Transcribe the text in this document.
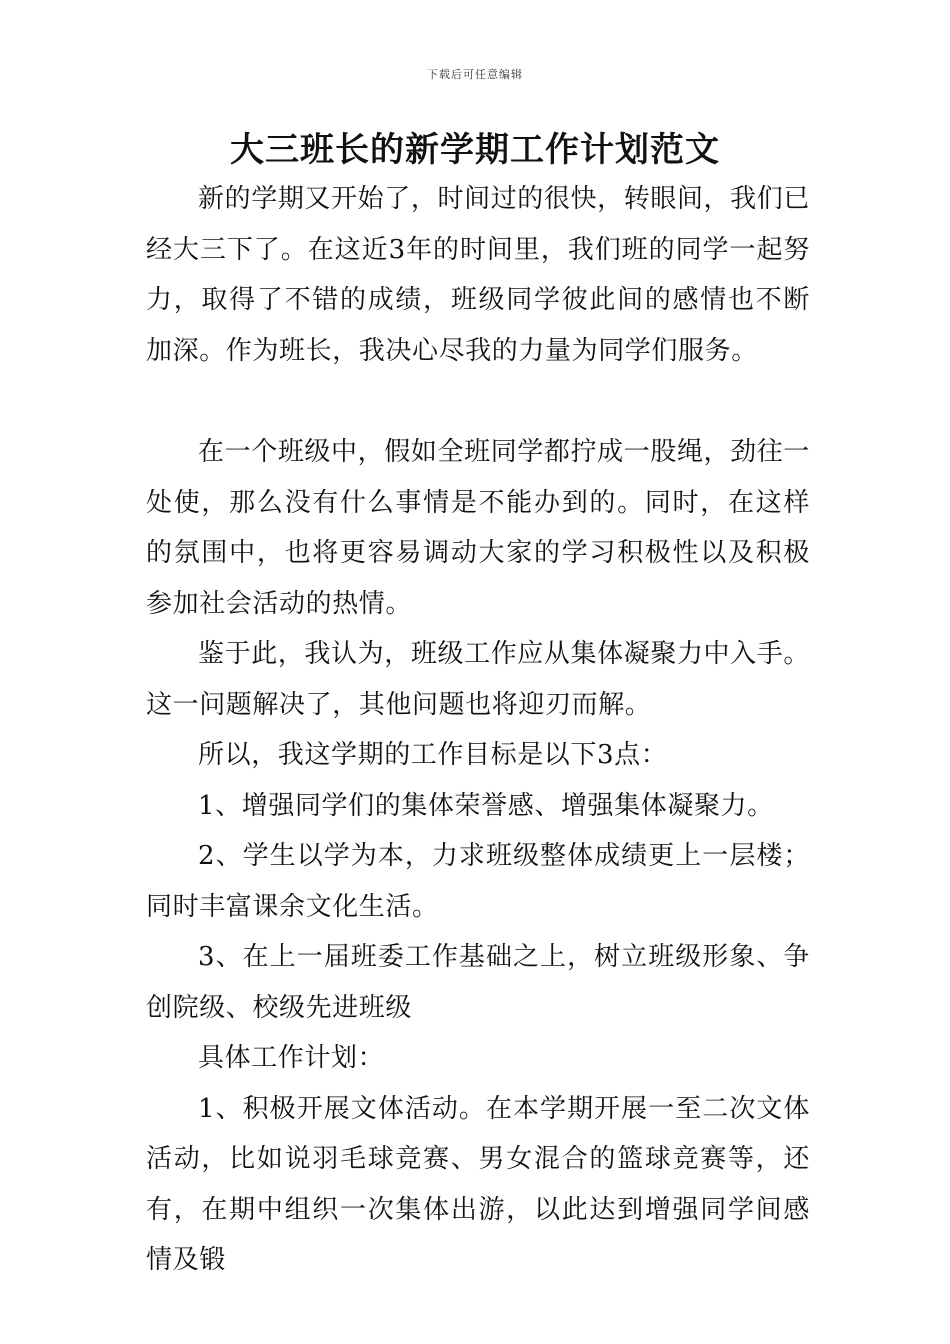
下载后可任意编辑
大三班长的新学期工作计划范文

新的学期又开始了，时间过的很快，转眼间，我们已经大三下了。在这近3年的时间里，我们班的同学一起努力，取得了不错的成绩，班级同学彼此间的感情也不断加深。作为班长，我决心尽我的力量为同学们服务。

在一个班级中，假如全班同学都拧成一股绳，劲往一处使，那么没有什么事情是不能办到的。同时，在这样的氛围中，也将更容易调动大家的学习积极性以及积极参加社会活动的热情。

鉴于此，我认为，班级工作应从集体凝聚力中入手。这一问题解决了，其他问题也将迎刃而解。

所以，我这学期的工作目标是以下3点：

1、增强同学们的集体荣誉感、增强集体凝聚力。

2、学生以学为本，力求班级整体成绩更上一层楼；同时丰富课余文化生活。

3、在上一届班委工作基础之上，树立班级形象、争创院级、校级先进班级

具体工作计划：

1、积极开展文体活动。在本学期开展一至二次文体活动，比如说羽毛球竞赛、男女混合的篮球竞赛等，还有，在期中组织一次集体出游，以此达到增强同学间感情及锻
